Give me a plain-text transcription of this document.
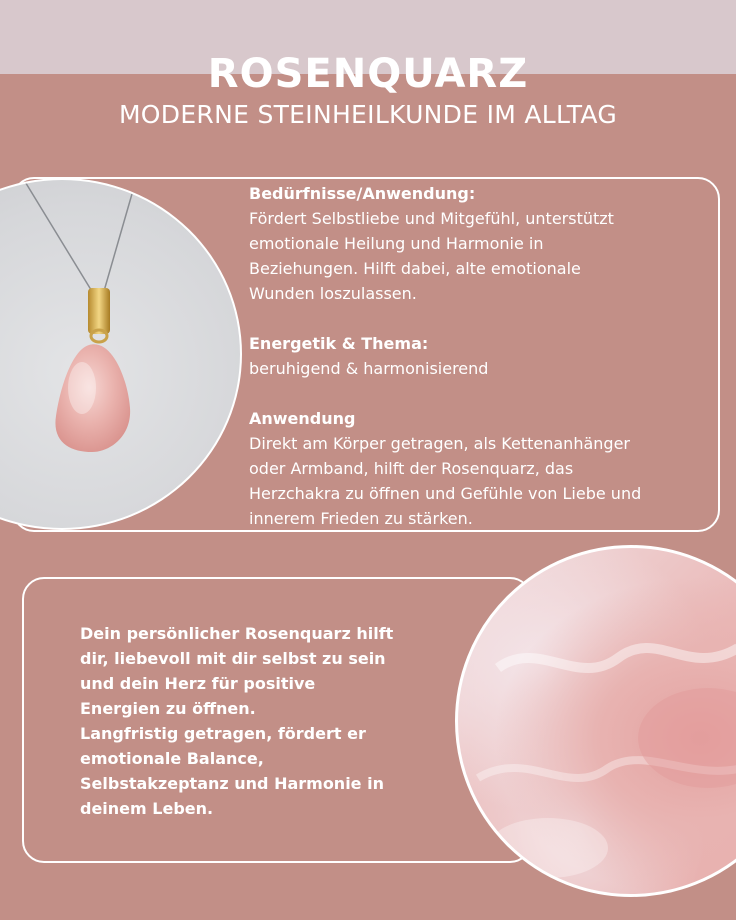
ROSENQUARZ
MODERNE STEINHEILKUNDE IM ALLTAG
Bedürfnisse/Anwendung:
Fördert Selbstliebe und Mitgefühl, unterstützt
emotionale Heilung und Harmonie in
Beziehungen. Hilft dabei, alte emotionale
Wunden loszulassen.
Energetik & Thema:
beruhigend & harmonisierend
Anwendung
Direkt am Körper getragen, als Kettenanhänger
oder Armband, hilft der Rosenquarz, das
Herzchakra zu öffnen und Gefühle von Liebe und
innerem Frieden zu stärken.
Dein persönlicher Rosenquarz hilft
dir, liebevoll mit dir selbst zu sein
und dein Herz für positive
Energien zu öffnen.
Langfristig getragen, fördert er
emotionale Balance,
Selbstakzeptanz und Harmonie in
deinem Leben.
